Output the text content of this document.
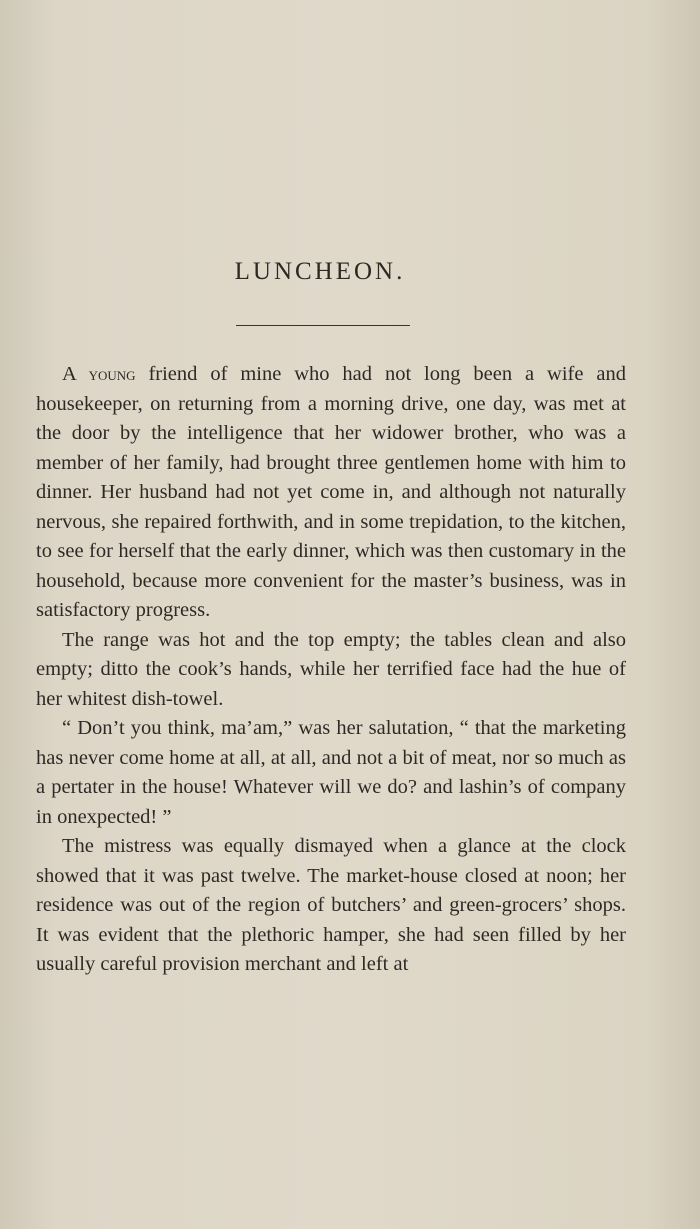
LUNCHEON.

A young friend of mine who had not long been a wife and housekeeper, on returning from a morning drive, one day, was met at the door by the intelligence that her widower brother, who was a member of her family, had brought three gentlemen home with him to dinner. Her husband had not yet come in, and although not naturally nervous, she repaired forthwith, and in some trepidation, to the kitchen, to see for herself that the early dinner, which was then customary in the household, because more convenient for the master’s business, was in satisfactory progress.

The range was hot and the top empty; the tables clean and also empty; ditto the cook’s hands, while her terrified face had the hue of her whitest dish-towel.

“ Don’t you think, ma’am,” was her salutation, “ that the marketing has never come home at all, at all, and not a bit of meat, nor so much as a pertater in the house! Whatever will we do? and lashin’s of company in onexpected! ”

The mistress was equally dismayed when a glance at the clock showed that it was past twelve. The market-house closed at noon; her residence was out of the region of butchers’ and green-grocers’ shops. It was evident that the plethoric hamper, she had seen filled by her usually careful provision merchant and left at
